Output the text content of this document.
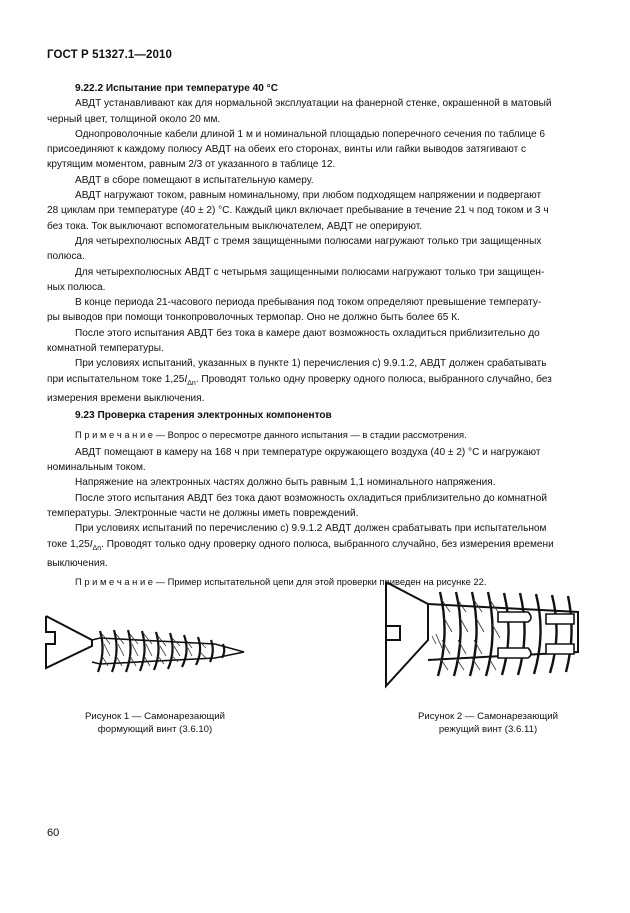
ГОСТ Р 51327.1—2010

9.22.2 Испытание при температуре 40 °С

АВДТ устанавливают как для нормальной эксплуатации на фанерной стенке, окрашенной в матовый

черный цвет, толщиной около 20 мм.

Однопроволочные кабели длиной 1 м и номинальной площадью поперечного сечения по таблице 6

присоединяют к каждому полюсу АВДТ на обеих его сторонах, винты или гайки выводов затягивают с

крутящим моментом, равным 2/3 от указанного в таблице 12.

АВДТ в сборе помещают в испытательную камеру.

АВДТ нагружают током, равным номинальному, при любом подходящем напряжении и подвергают

28 циклам при температуре (40 ± 2) °С. Каждый цикл включает пребывание в течение 21 ч под током и 3 ч

без тока. Ток выключают вспомогательным выключателем, АВДТ не оперируют.

Для четырехполюсных АВДТ с тремя защищенными полюсами нагружают только три защищенных

полюса.

Для четырехполюсных АВДТ с четырьмя защищенными полюсами нагружают только три защищен-

ных полюса.

В конце периода 21-часового периода пребывания под током определяют превышение температу-

ры выводов при помощи тонкопроволочных термопар. Оно не должно быть более 65 К.

После этого испытания АВДТ без тока в камере дают возможность охладиться приблизительно до

комнатной температуры.

При условиях испытаний, указанных в пункте 1) перечисления с) 9.9.1.2, АВДТ должен срабатывать

при испытательном токе $1,25I_{\Delta n}$. Проводят только одну проверку одного полюса, выбранного случайно, без

измерения времени выключения.

9.23 Проверка старения электронных компонентов

П р и м е ч а н и е — Вопрос о пересмотре данного испытания — в стадии рассмотрения.

АВДТ помещают в камеру на 168 ч при температуре окружающего воздуха (40 ± 2) °С и нагружают

номинальным током.

Напряжение на электронных частях должно быть равным 1,1 номинального напряжения.

После этого испытания АВДТ без тока дают возможность охладиться приблизительно до комнатной

температуры. Электронные части не должны иметь повреждений.

При условиях испытаний по перечислению с) 9.9.1.2 АВДТ должен срабатывать при испытательном

токе $1,25I_{\Delta n}$. Проводят только одну проверку одного полюса, выбранного случайно, без измерения времени

выключения.

П р и м е ч а н и е — Пример испытательной цепи для этой проверки приведен на рисунке 22.

Рисунок 1 — Самонарезающий
формующий винт (3.6.10)
Рисунок 2 — Самонарезающий
режущий винт (3.6.11)
60
